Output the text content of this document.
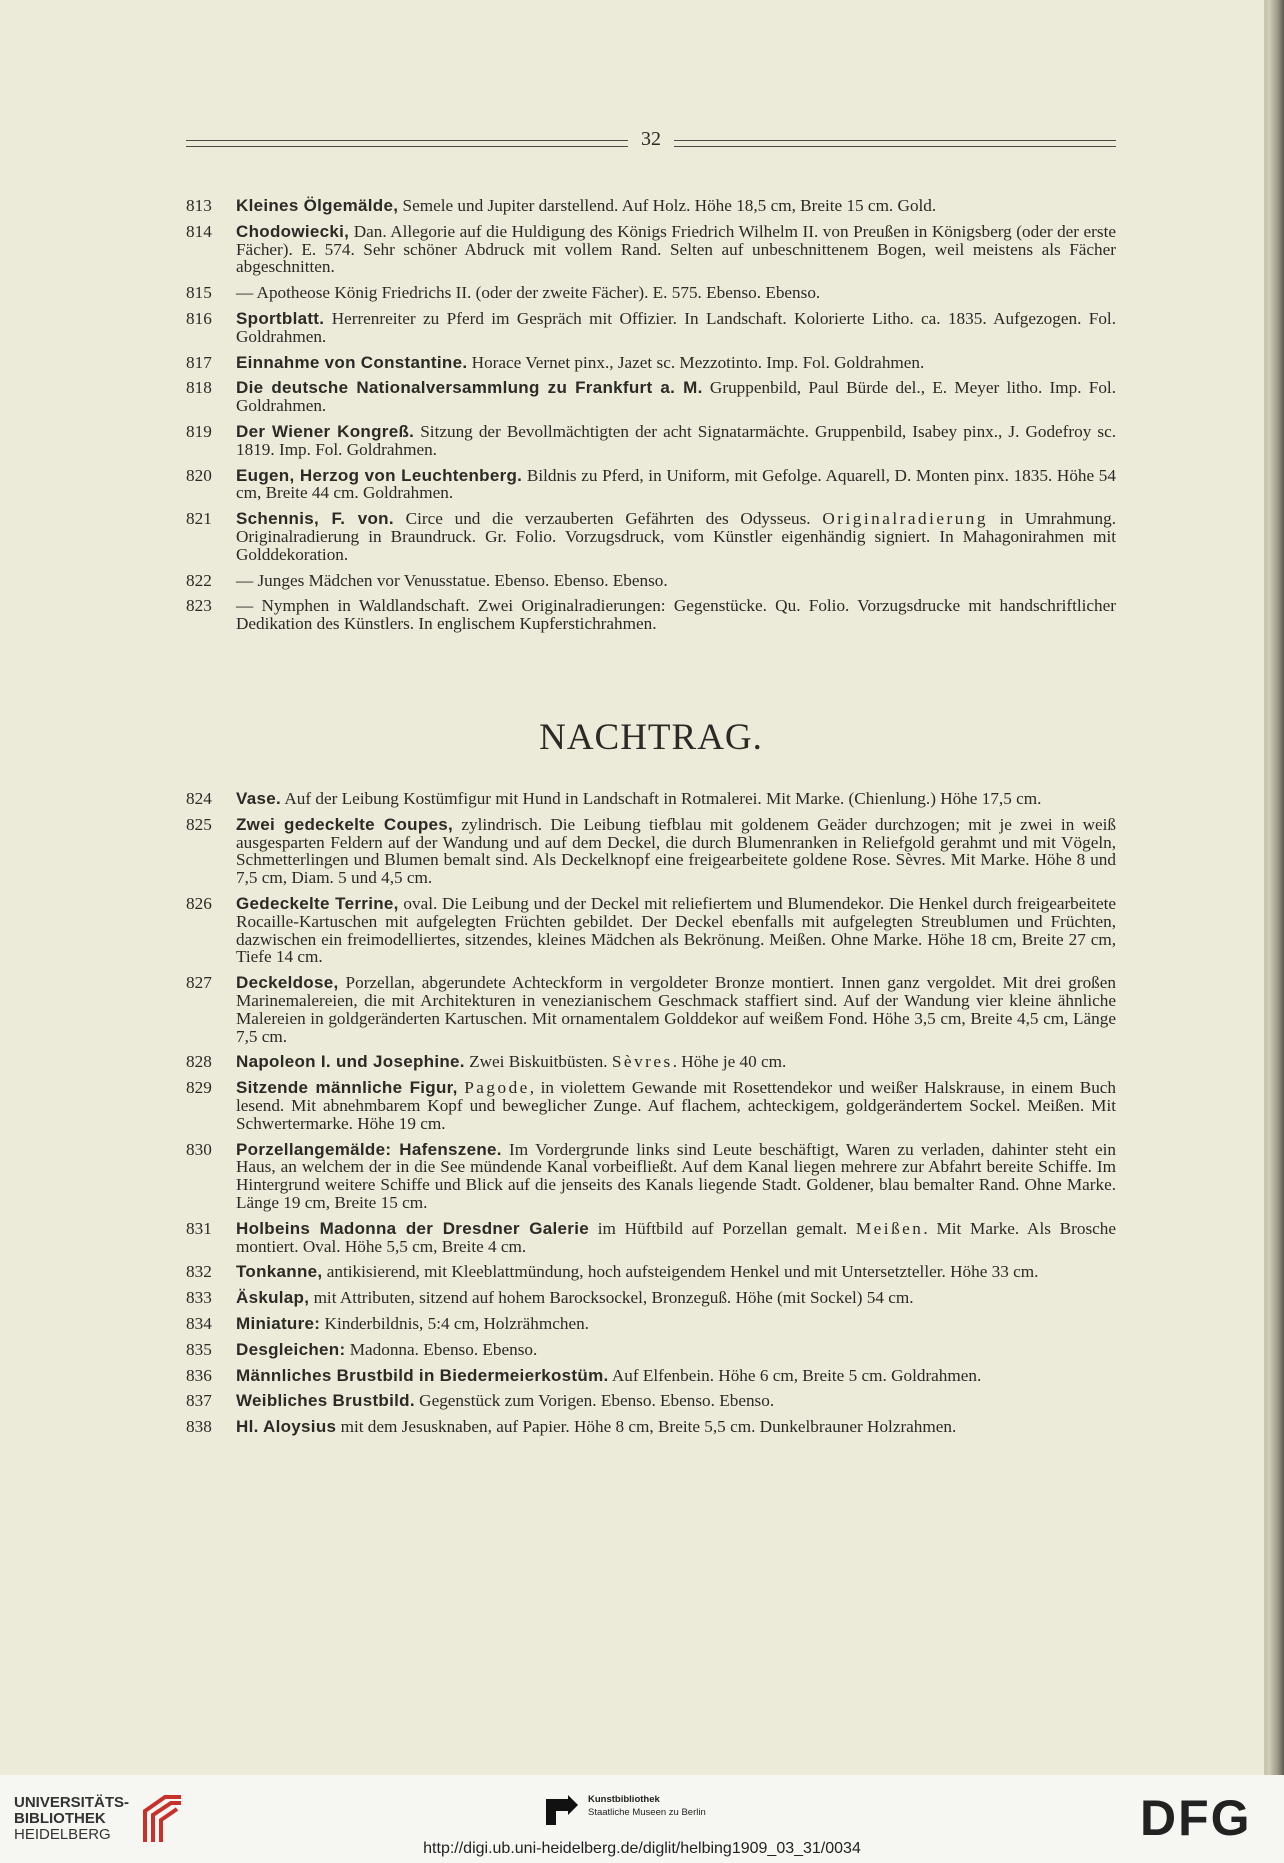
32
813 Kleines Ölgemälde, Semele und Jupiter darstellend. Auf Holz. Höhe 18,5 cm, Breite 15 cm. Gold.
814 Chodowiecki, Dan. Allegorie auf die Huldigung des Königs Friedrich Wilhelm II. von Preußen in Königsberg (oder der erste Fächer). E. 574. Sehr schöner Abdruck mit vollem Rand. Selten auf unbeschnittenem Bogen, weil meistens als Fächer abgeschnitten.
815 — Apotheose König Friedrichs II. (oder der zweite Fächer). E. 575. Ebenso. Ebenso.
816 Sportblatt. Herrenreiter zu Pferd im Gespräch mit Offizier. In Landschaft. Kolorierte Litho. ca. 1835. Aufgezogen. Fol. Goldrahmen.
817 Einnahme von Constantine. Horace Vernet pinx., Jazet sc. Mezzotinto. Imp. Fol. Goldrahmen.
818 Die deutsche Nationalversammlung zu Frankfurt a. M. Gruppenbild, Paul Bürde del., E. Meyer litho. Imp. Fol. Goldrahmen.
819 Der Wiener Kongreß. Sitzung der Bevollmächtigten der acht Signatarmächte. Gruppenbild, Isabey pinx., J. Godefroy sc. 1819. Imp. Fol. Goldrahmen.
820 Eugen, Herzog von Leuchtenberg. Bildnis zu Pferd, in Uniform, mit Gefolge. Aquarell, D. Monten pinx. 1835. Höhe 54 cm, Breite 44 cm. Goldrahmen.
821 Schennis, F. von. Circe und die verzauberten Gefährten des Odysseus. Originalradierung in Umrahmung. Originalradierung in Braundruck. Gr. Folio. Vorzugsdruck, vom Künstler eigenhändig signiert. In Mahagonirahmen mit Golddekoration.
822 — Junges Mädchen vor Venusstatue. Ebenso. Ebenso. Ebenso.
823 — Nymphen in Waldlandschaft. Zwei Originalradierungen: Gegenstücke. Qu. Folio. Vorzugsdrucke mit handschriftlicher Dedikation des Künstlers. In englischem Kupferstichrahmen.
NACHTRAG.
824 Vase. Auf der Leibung Kostümfigur mit Hund in Landschaft in Rotmalerei. Mit Marke. (Chienlung.) Höhe 17,5 cm.
825 Zwei gedeckelte Coupes, zylindrisch. Die Leibung tiefblau mit goldenem Geäder durchzogen; mit je zwei in weiß ausgesparten Feldern auf der Wandung und auf dem Deckel, die durch Blumenranken in Reliefgold gerahmt und mit Vögeln, Schmetterlingen und Blumen bemalt sind. Als Deckelknopf eine freigearbeitete goldene Rose. Sèvres. Mit Marke. Höhe 8 und 7,5 cm, Diam. 5 und 4,5 cm.
826 Gedeckelte Terrine, oval. Die Leibung und der Deckel mit reliefiertem und Blumendekor. Die Henkel durch freigearbeitete Rocaille-Kartuschen mit aufgelegten Früchten gebildet. Der Deckel ebenfalls mit aufgelegten Streublumen und Früchten, dazwischen ein freimodelliertes, sitzendes, kleines Mädchen als Bekrönung. Meißen. Ohne Marke. Höhe 18 cm, Breite 27 cm, Tiefe 14 cm.
827 Deckeldose, Porzellan, abgerundete Achteckform in vergoldeter Bronze montiert. Innen ganz vergoldet. Mit drei großen Marinemalereien, die mit Architekturen in venezianischem Geschmack staffiert sind. Auf der Wandung vier kleine ähnliche Malereien in goldgeränderten Kartuschen. Mit ornamentalem Golddekor auf weißem Fond. Höhe 3,5 cm, Breite 4,5 cm, Länge 7,5 cm.
828 Napoleon I. und Josephine. Zwei Biskuitbüsten. Sèvres. Höhe je 40 cm.
829 Sitzende männliche Figur, Pagode, in violettem Gewande mit Rosettendekor und weißer Halskrause, in einem Buch lesend. Mit abnehmbarem Kopf und beweglicher Zunge. Auf flachem, achteckigem, goldgerändertem Sockel. Meißen. Mit Schwertermarke. Höhe 19 cm.
830 Porzellangemälde: Hafenszene. Im Vordergrunde links sind Leute beschäftigt, Waren zu verladen, dahinter steht ein Haus, an welchem der in die See mündende Kanal vorbeifließt. Auf dem Kanal liegen mehrere zur Abfahrt bereite Schiffe. Im Hintergrund weitere Schiffe und Blick auf die jenseits des Kanals liegende Stadt. Goldener, blau bemalter Rand. Ohne Marke. Länge 19 cm, Breite 15 cm.
831 Holbeins Madonna der Dresdner Galerie im Hüftbild auf Porzellan gemalt. Meißen. Mit Marke. Als Brosche montiert. Oval. Höhe 5,5 cm, Breite 4 cm.
832 Tonkanne, antikisierend, mit Kleeblattmündung, hoch aufsteigendem Henkel und mit Untersetzteller. Höhe 33 cm.
833 Äskulap, mit Attributen, sitzend auf hohem Barocksockel, Bronzeguß. Höhe (mit Sockel) 54 cm.
834 Miniature: Kinderbildnis, 5:4 cm, Holzrähmchen.
835 Desgleichen: Madonna. Ebenso. Ebenso.
836 Männliches Brustbild in Biedermeierkostüm. Auf Elfenbein. Höhe 6 cm, Breite 5 cm. Goldrahmen.
837 Weibliches Brustbild. Gegenstück zum Vorigen. Ebenso. Ebenso. Ebenso.
838 Hl. Aloysius mit dem Jesusknaben, auf Papier. Höhe 8 cm, Breite 5,5 cm. Dunkelbrauner Holzrahmen.
UNIVERSITÄTS-
BIBLIOTHEK
HEIDELBERG
Kunstbibliothek
Staatliche Museen zu Berlin	DFG
http://digi.ub.uni-heidelberg.de/diglit/helbing1909_03_31/0034
